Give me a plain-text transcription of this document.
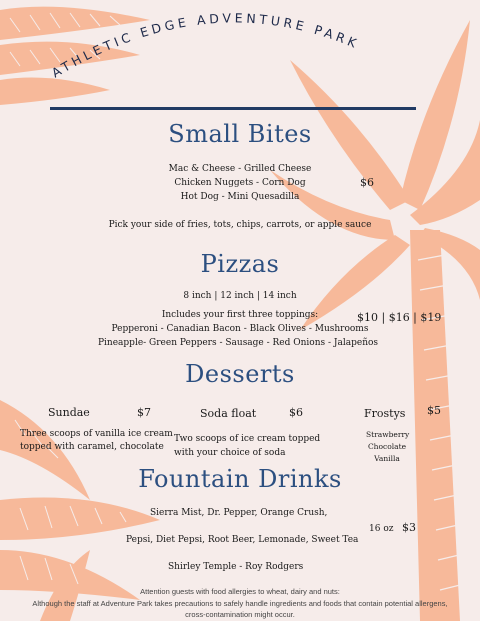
ATHLETIC EDGE ADVENTURE PARK
Small Bites
Mac & Cheese - Grilled Cheese
Chicken Nuggets - Corn Dog
Hot Dog - Mini Quesadilla
$6
Pick your side of fries, tots, chips, carrots, or apple sauce
Pizzas
8 inch | 12 inch | 14 inch
Includes your first three toppings:
Pepperoni - Canadian Bacon - Black Olives - Mushrooms
Pineapple- Green Peppers - Sausage - Red Onions - Jalapeños
$10 | $16 | $19
Desserts
Sundae	$7
Three scoops of vanilla ice cream
topped with caramel, chocolate
Soda float	$6
Two scoops of ice cream topped
with your choice of soda
Frostys $5
Strawberry
Chocolate
Vanilla
Fountain Drinks
Sierra Mist, Dr. Pepper, Orange Crush,
Pepsi, Diet Pepsi, Root Beer, Lemonade, Sweet Tea
Shirley Temple - Roy Rodgers
16 oz $3
Attention guests with food allergies to wheat, dairy and nuts:
Although the staff at Adventure Park takes precautions to safely handle ingredients and foods that contain potential allergens,
cross-contamination might occur.
